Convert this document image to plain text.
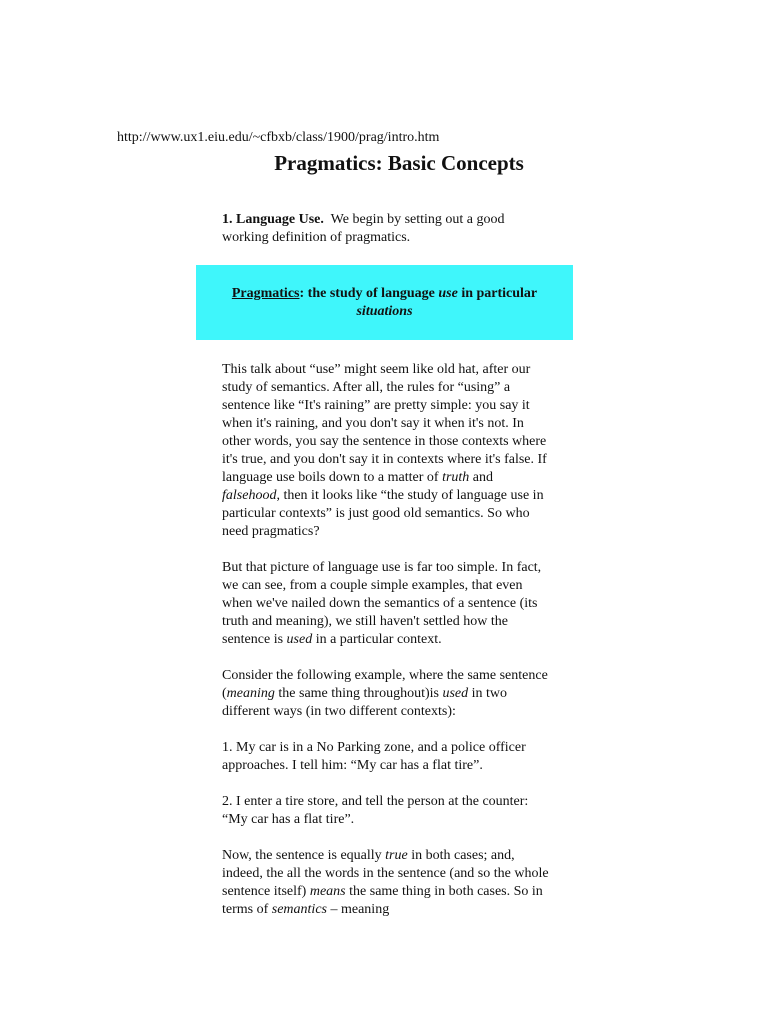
http://www.ux1.eiu.edu/~cfbxb/class/1900/prag/intro.htm
Pragmatics: Basic Concepts
1. Language Use. We begin by setting out a good working definition of pragmatics.

Pragmatics: the study of language use in particular situations

This talk about “use” might seem like old hat, after our study of semantics. After all, the rules for “using” a sentence like “It's raining” are pretty simple: you say it when it's raining, and you don't say it when it's not. In other words, you say the sentence in those contexts where it's true, and you don't say it in contexts where it's false. If language use boils down to a matter of truth and falsehood, then it looks like “the study of language use in particular contexts” is just good old semantics. So who need pragmatics?

But that picture of language use is far too simple. In fact, we can see, from a couple simple examples, that even when we've nailed down the semantics of a sentence (its truth and meaning), we still haven't settled how the sentence is used in a particular context.

Consider the following example, where the same sentence (meaning the same thing throughout)is used in two different ways (in two different contexts):

1. My car is in a No Parking zone, and a police officer approaches. I tell him: “My car has a flat tire”.

2. I enter a tire store, and tell the person at the counter: “My car has a flat tire”.

Now, the sentence is equally true in both cases; and, indeed, the all the words in the sentence (and so the whole sentence itself) means the same thing in both cases. So in terms of semantics – meaning
